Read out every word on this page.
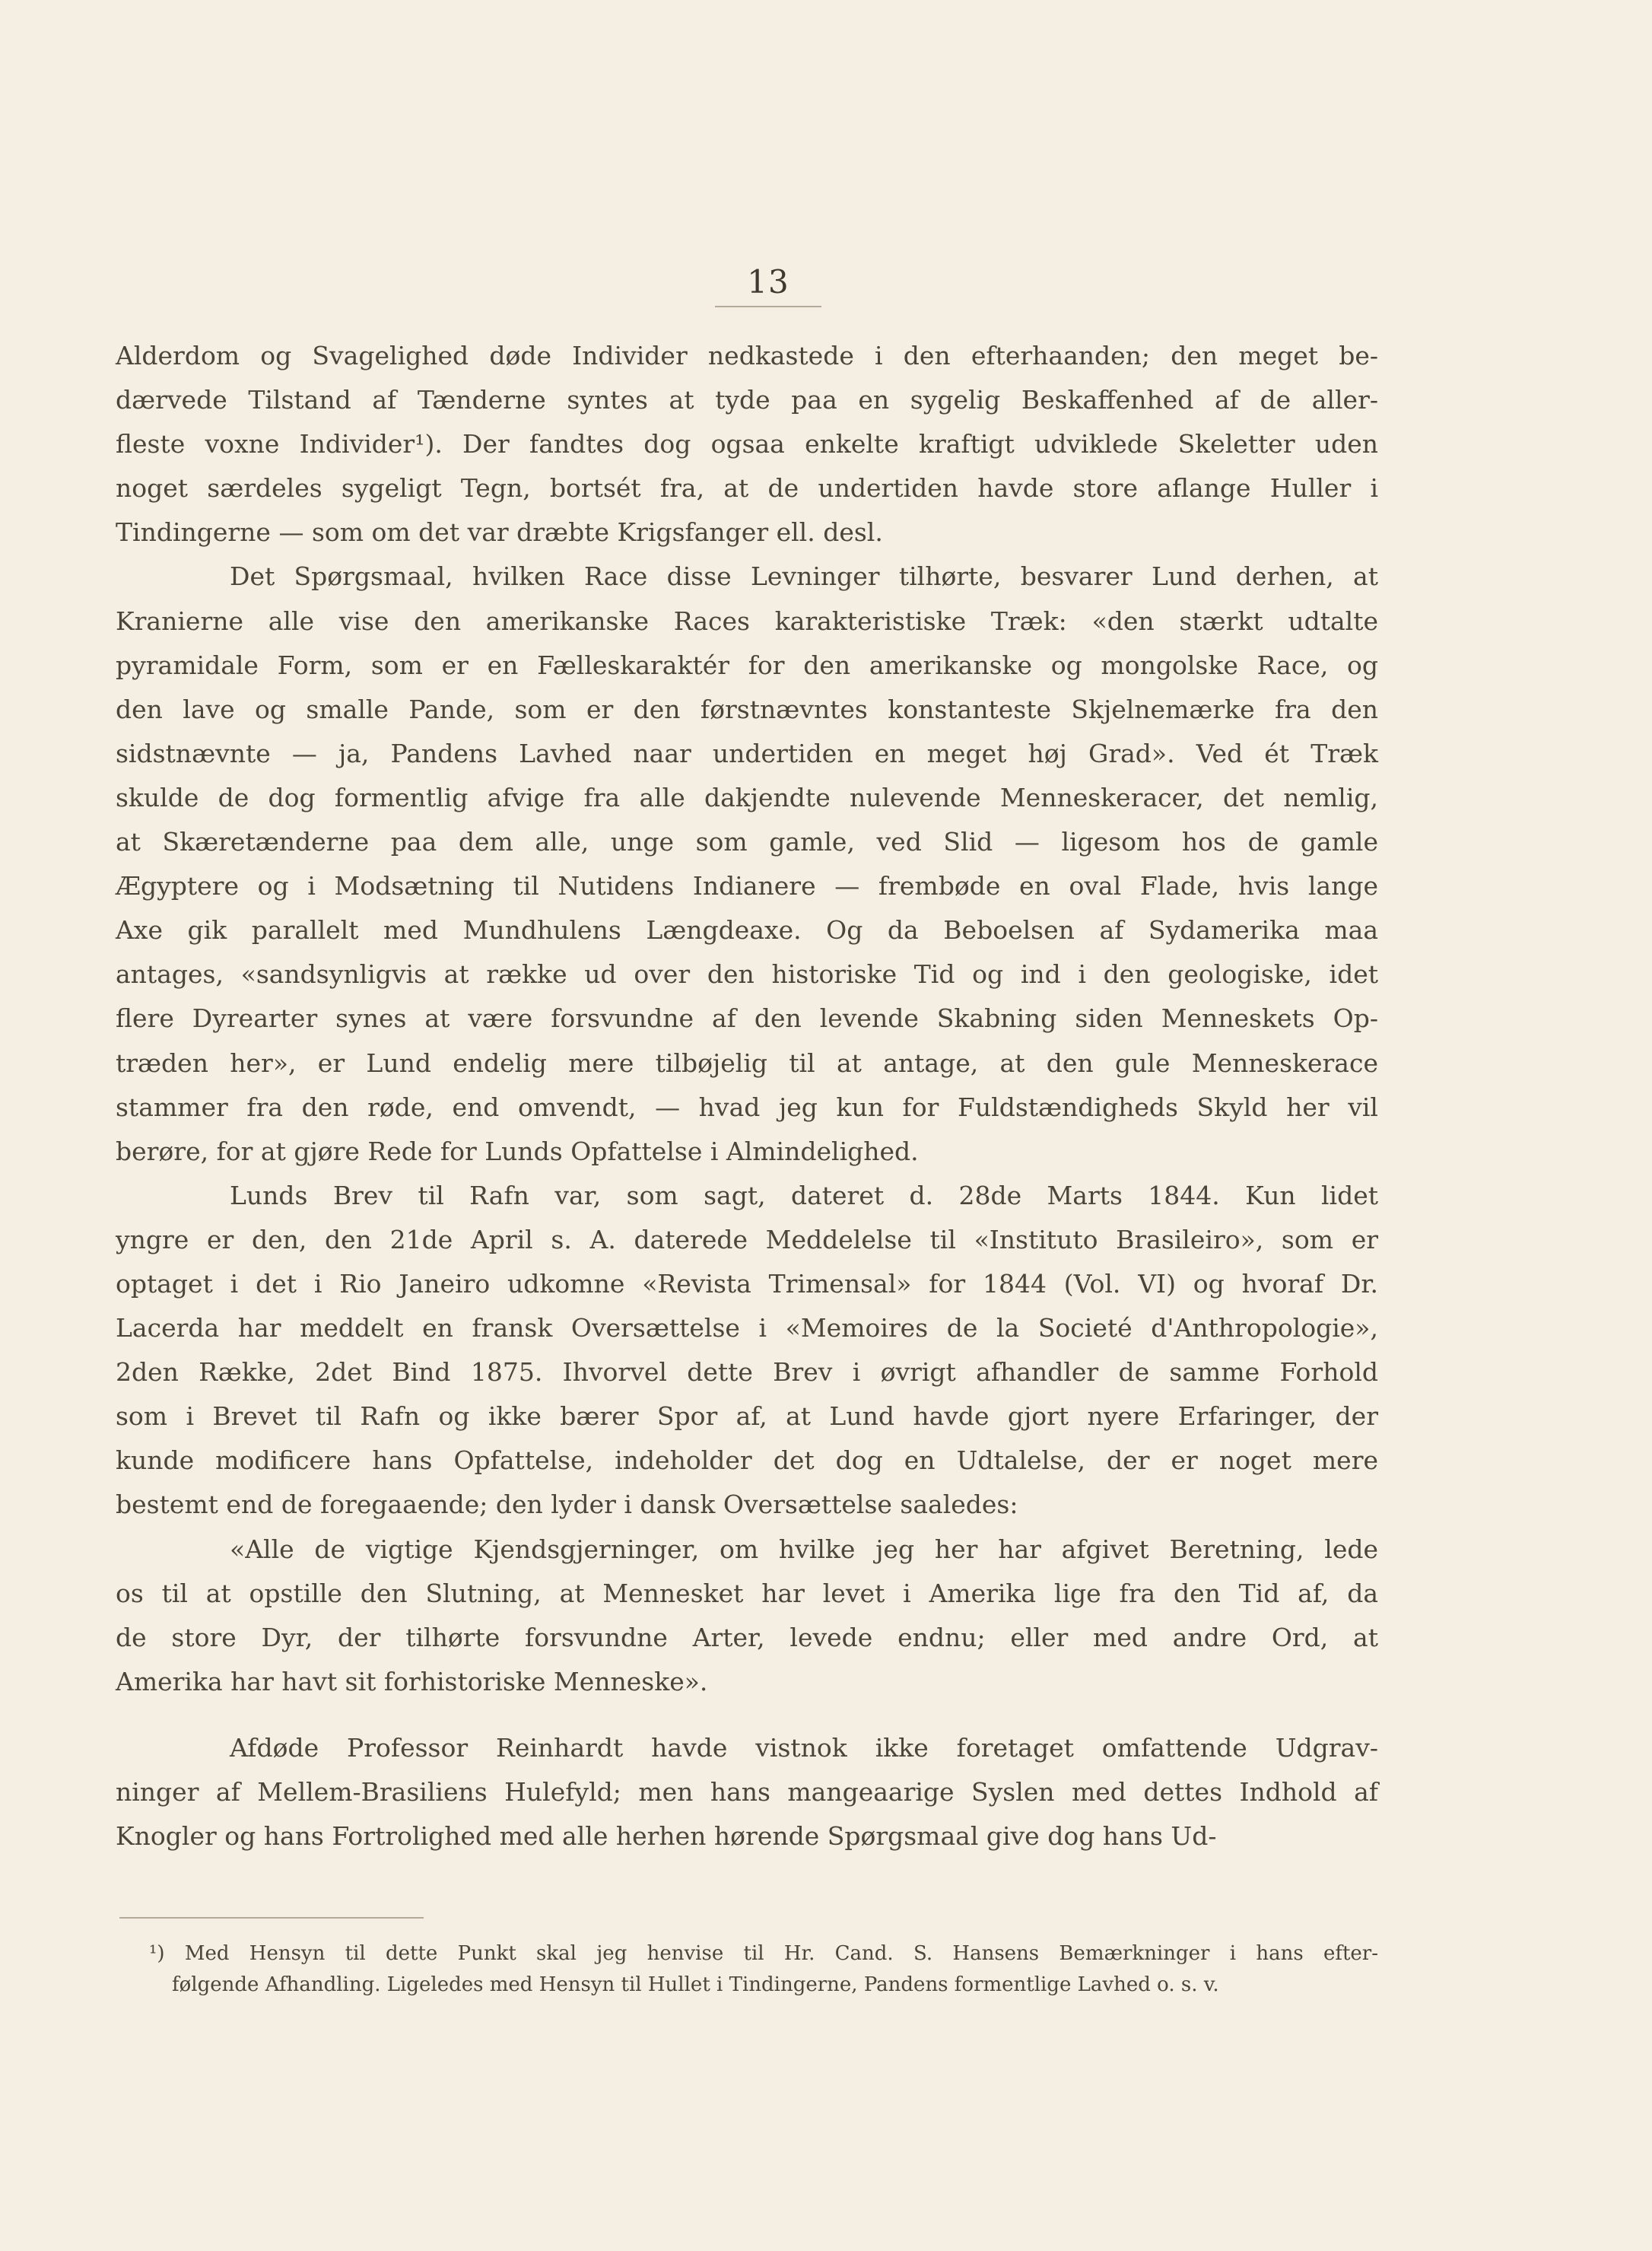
13
Alderdom og Svagelighed døde Individer nedkastede i den efterhaanden; den meget be-
dærvede Tilstand af Tænderne syntes at tyde paa en sygelig Beskaffenhed af de aller-
fleste voxne Individer¹). Der fandtes dog ogsaa enkelte kraftigt udviklede Skeletter uden
noget særdeles sygeligt Tegn, bortsét fra, at de undertiden havde store aflange Huller i
Tindingerne — som om det var dræbte Krigsfanger ell. desl.
Det Spørgsmaal, hvilken Race disse Levninger tilhørte, besvarer Lund derhen, at
Kranierne alle vise den amerikanske Races karakteristiske Træk: «den stærkt udtalte
pyramidale Form, som er en Fælleskaraktér for den amerikanske og mongolske Race, og
den lave og smalle Pande, som er den førstnævntes konstanteste Skjelnemærke fra den
sidstnævnte — ja, Pandens Lavhed naar undertiden en meget høj Grad». Ved ét Træk
skulde de dog formentlig afvige fra alle dakjendte nulevende Menneskeracer, det nemlig,
at Skæretænderne paa dem alle, unge som gamle, ved Slid — ligesom hos de gamle
Ægyptere og i Modsætning til Nutidens Indianere — frembøde en oval Flade, hvis lange
Axe gik parallelt med Mundhulens Længdeaxe. Og da Beboelsen af Sydamerika maa
antages, «sandsynligvis at række ud over den historiske Tid og ind i den geologiske, idet
flere Dyrearter synes at være forsvundne af den levende Skabning siden Menneskets Op-
træden her», er Lund endelig mere tilbøjelig til at antage, at den gule Menneskerace
stammer fra den røde, end omvendt, — hvad jeg kun for Fuldstændigheds Skyld her vil
berøre, for at gjøre Rede for Lunds Opfattelse i Almindelighed.
Lunds Brev til Rafn var, som sagt, dateret d. 28de Marts 1844. Kun lidet
yngre er den, den 21de April s. A. daterede Meddelelse til «Instituto Brasileiro», som er
optaget i det i Rio Janeiro udkomne «Revista Trimensal» for 1844 (Vol. VI) og hvoraf Dr.
Lacerda har meddelt en fransk Oversættelse i «Memoires de la Societé d'Anthropologie»,
2den Række, 2det Bind 1875. Ihvorvel dette Brev i øvrigt afhandler de samme Forhold
som i Brevet til Rafn og ikke bærer Spor af, at Lund havde gjort nyere Erfaringer, der
kunde modificere hans Opfattelse, indeholder det dog en Udtalelse, der er noget mere
bestemt end de foregaaende; den lyder i dansk Oversættelse saaledes:
«Alle de vigtige Kjendsgjerninger, om hvilke jeg her har afgivet Beretning, lede
os til at opstille den Slutning, at Mennesket har levet i Amerika lige fra den Tid af, da
de store Dyr, der tilhørte forsvundne Arter, levede endnu; eller med andre Ord, at
Amerika har havt sit forhistoriske Menneske».
Afdøde Professor Reinhardt havde vistnok ikke foretaget omfattende Udgrav-
ninger af Mellem-Brasiliens Hulefyld; men hans mangeaarige Syslen med dettes Indhold af
Knogler og hans Fortrolighed med alle herhen hørende Spørgsmaal give dog hans Ud-
¹) Med Hensyn til dette Punkt skal jeg henvise til Hr. Cand. S. Hansens Bemærkninger i hans efter-
følgende Afhandling. Ligeledes med Hensyn til Hullet i Tindingerne, Pandens formentlige Lavhed o. s. v.
